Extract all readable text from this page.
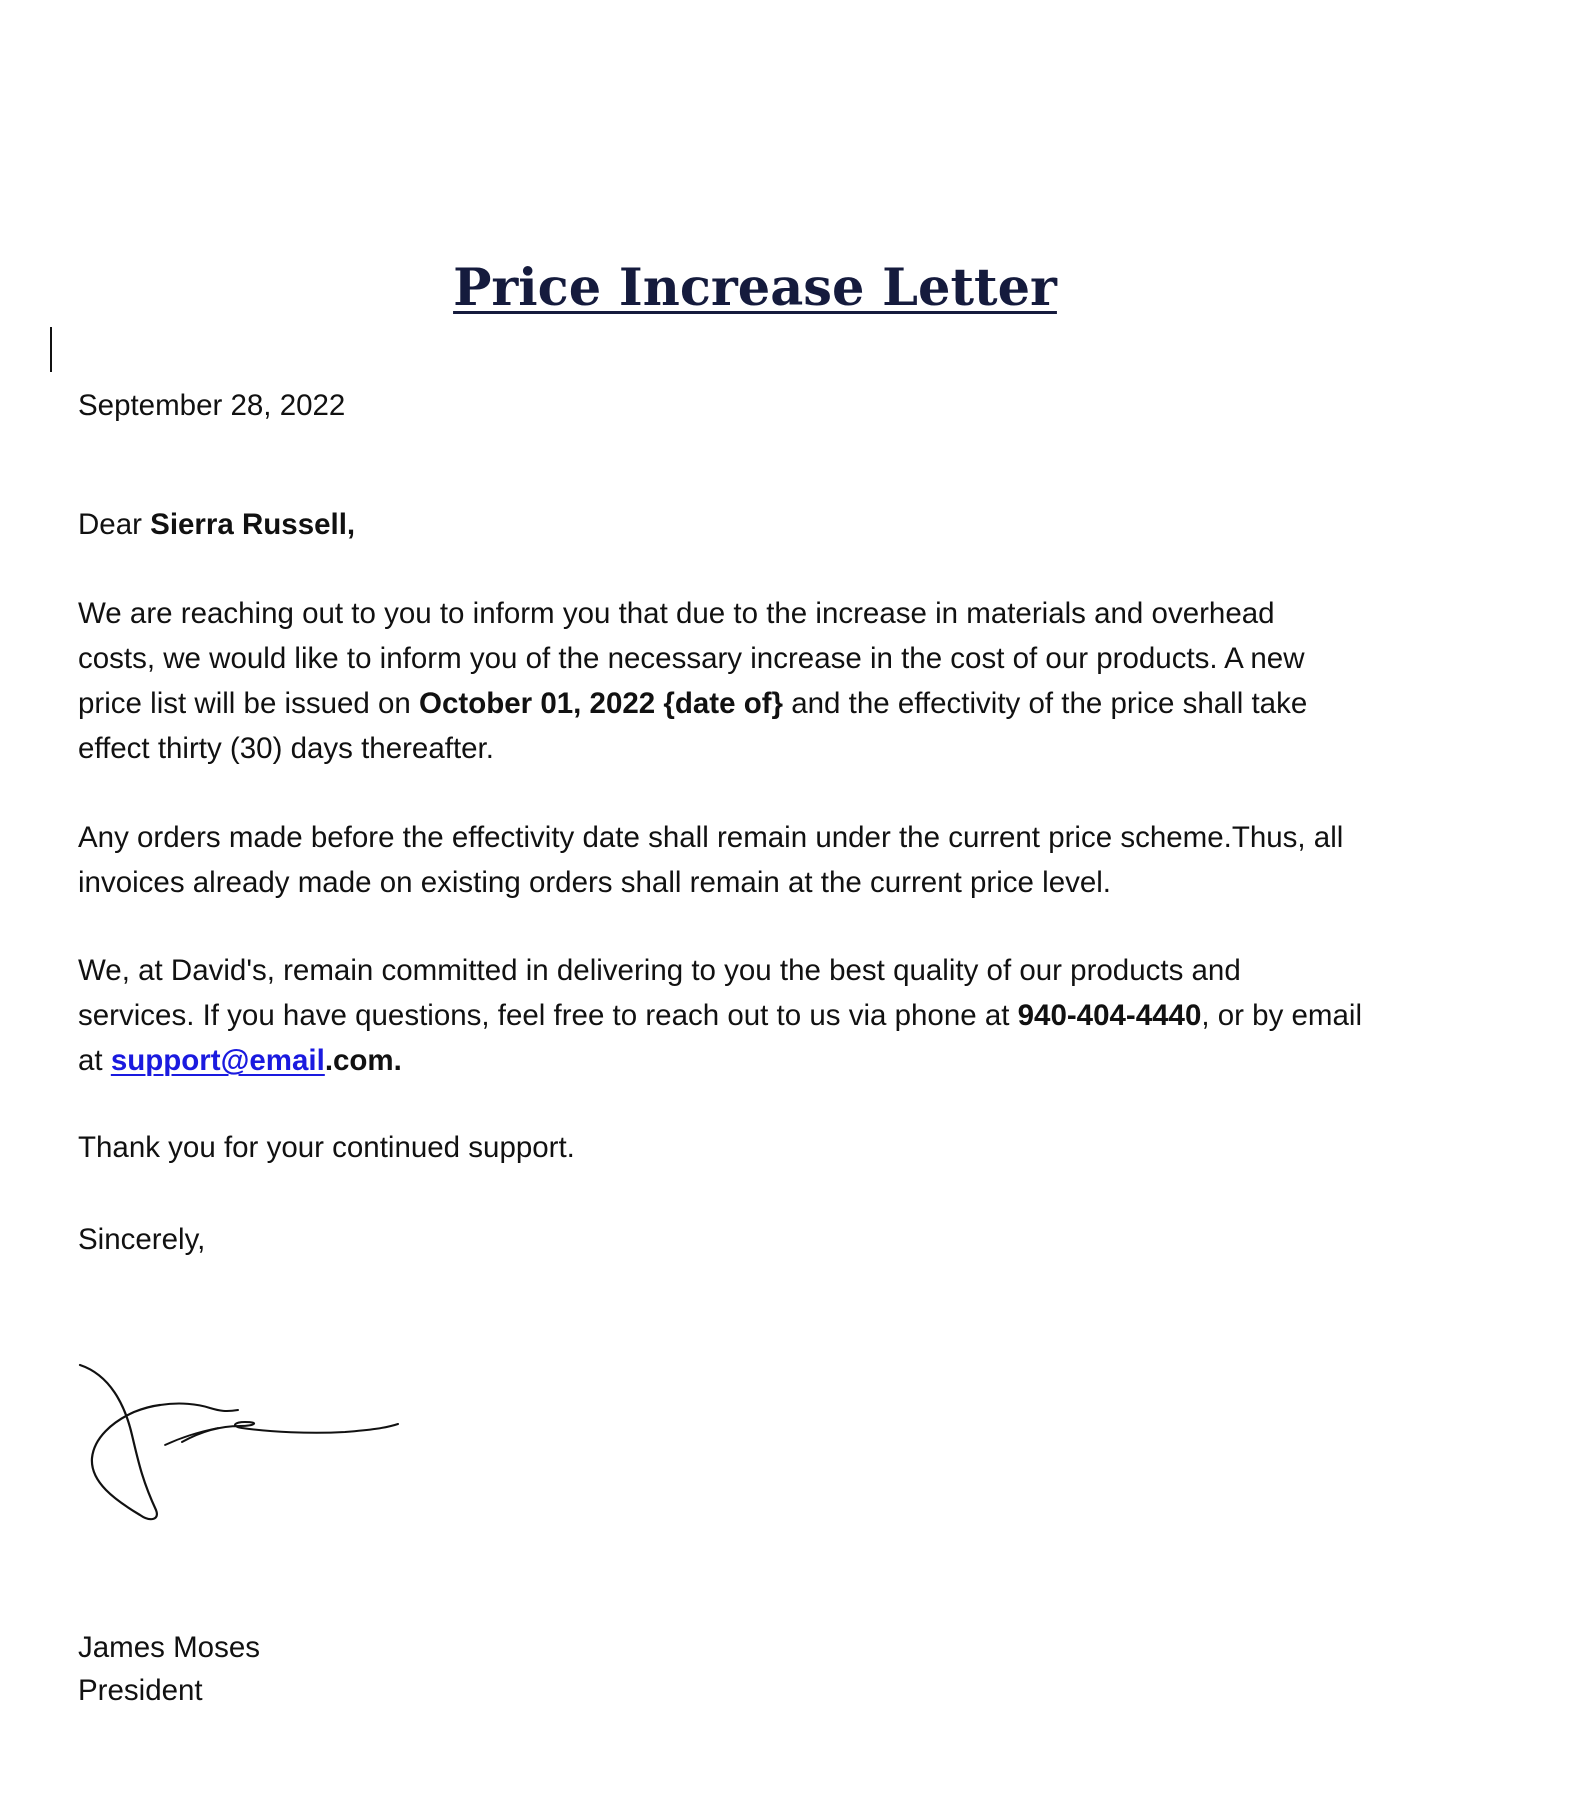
Price Increase Letter

September 28, 2022

Dear Sierra Russell,

We are reaching out to you to inform you that due to the increase in materials and overhead
costs, we would like to inform you of the necessary increase in the cost of our products. A new
price list will be issued on October 01, 2022 {date of} and the effectivity of the price shall take
effect thirty (30) days thereafter.
Any orders made before the effectivity date shall remain under the current price scheme.Thus, all
invoices already made on existing orders shall remain at the current price level.
We, at David's, remain committed in delivering to you the best quality of our products and
services. If you have questions, feel free to reach out to us via phone at 940-404-4440, or by email
at support@email.com.

Thank you for your continued support.

Sincerely,

James Moses

President
